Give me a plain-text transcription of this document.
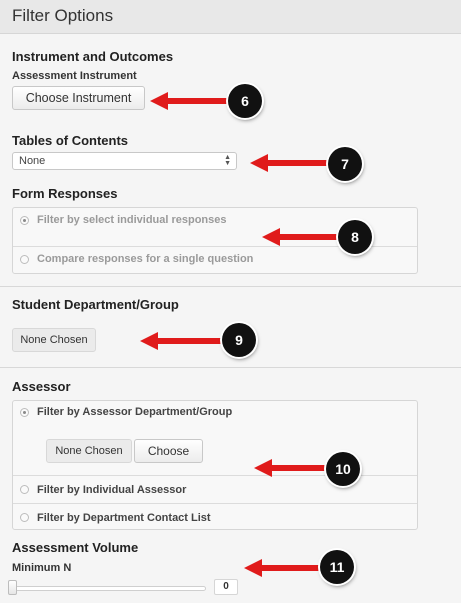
Filter Options
Instrument and Outcomes
Assessment Instrument
Choose Instrument
Tables of Contents
None	▲
▼
Form Responses
Filter by select individual responses
Compare responses for a single question
Student Department/Group
None Chosen
Assessor
Filter by Assessor Department/Group
None Chosen	Choose
Filter by Individual Assessor
Filter by Department Contact List
Assessment Volume
Minimum N
0
6
7
8
9
10
11
